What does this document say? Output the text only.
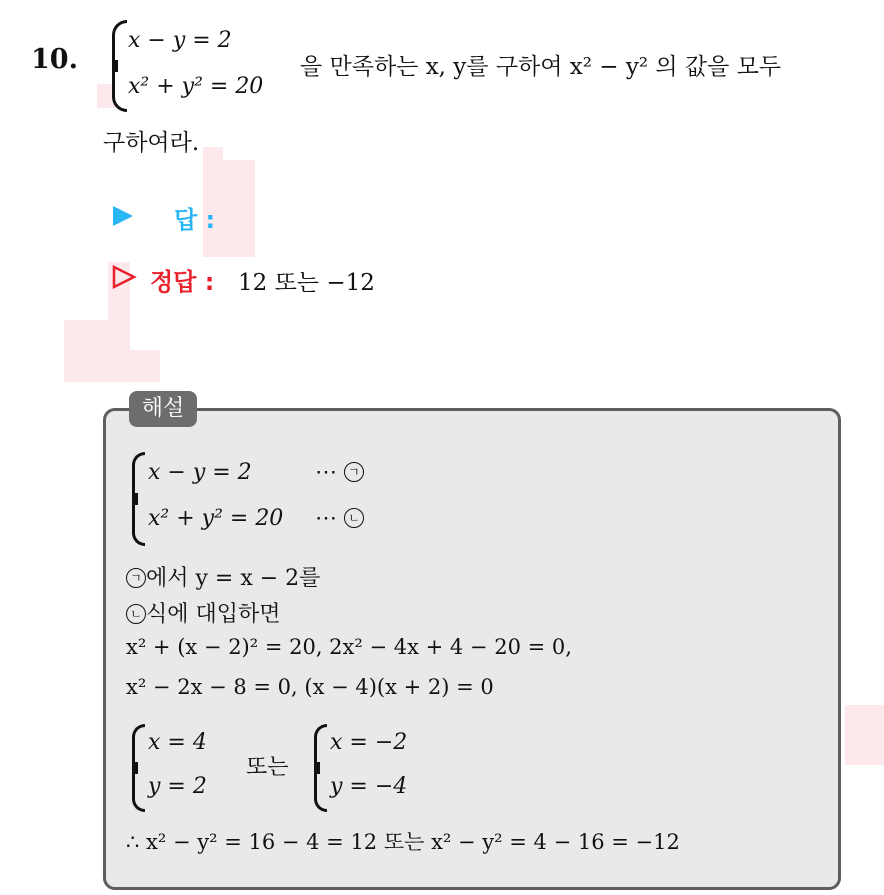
10.
x − y = 2
x² + y² = 20
을 만족하는 x, y를 구하여 x² − y² 의 값을 모두
구하여라.
답 :
정답 : 12 또는 −12
해설
x − y = 2	⋯ ㄱ
x² + y² = 20 ⋯ ㄴ
ㄱ 에서 y = x − 2를
ㄴ 식에 대입하면
x² + (x − 2)² = 20, 2x² − 4x + 4 − 20 = 0,
x² − 2x − 8 = 0, (x − 4)(x + 2) = 0
x = 4
y = 2
또는
x = −2
y = −4
∴ x² − y² = 16 − 4 = 12 또는 x² − y² = 4 − 16 = −12
